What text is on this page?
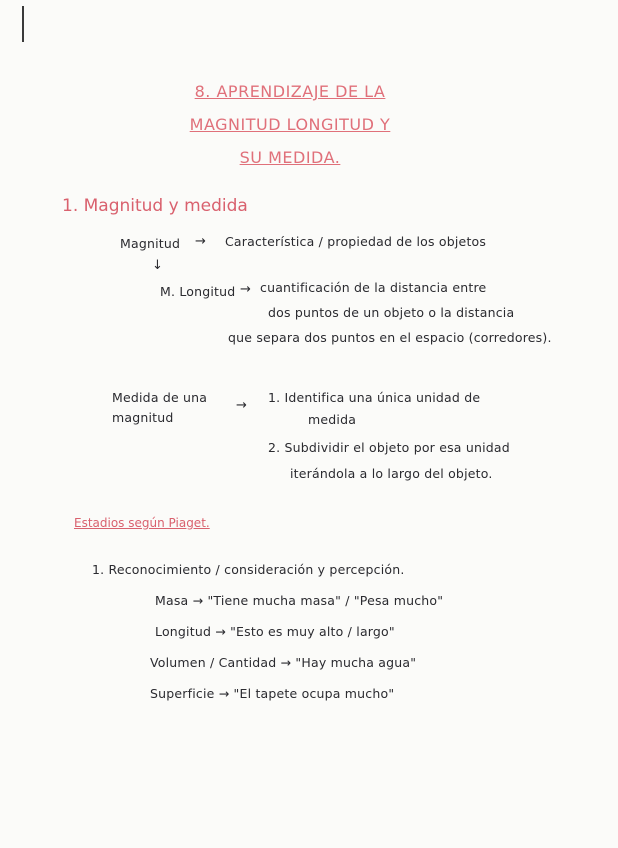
8. APRENDIZAJE DE LA
MAGNITUD LONGITUD Y
SU MEDIDA.
1. Magnitud y medida
Magnitud → Característica / propiedad de los objetos
↓
M. Longitud → cuantificación de la distancia entre
dos puntos de un objeto o la distancia
que separa dos puntos en el espacio (corredores).
Medida de una
magnitud
→
1. Identifica una única unidad de
medida
2. Subdividir el objeto por esa unidad
iterándola a lo largo del objeto.
Estadios según Piaget.
1. Reconocimiento / consideración y percepción.
Masa → "Tiene mucha masa" / "Pesa mucho"
Longitud → "Esto es muy alto / largo"
Volumen / Cantidad → "Hay mucha agua"
Superficie → "El tapete ocupa mucho"
